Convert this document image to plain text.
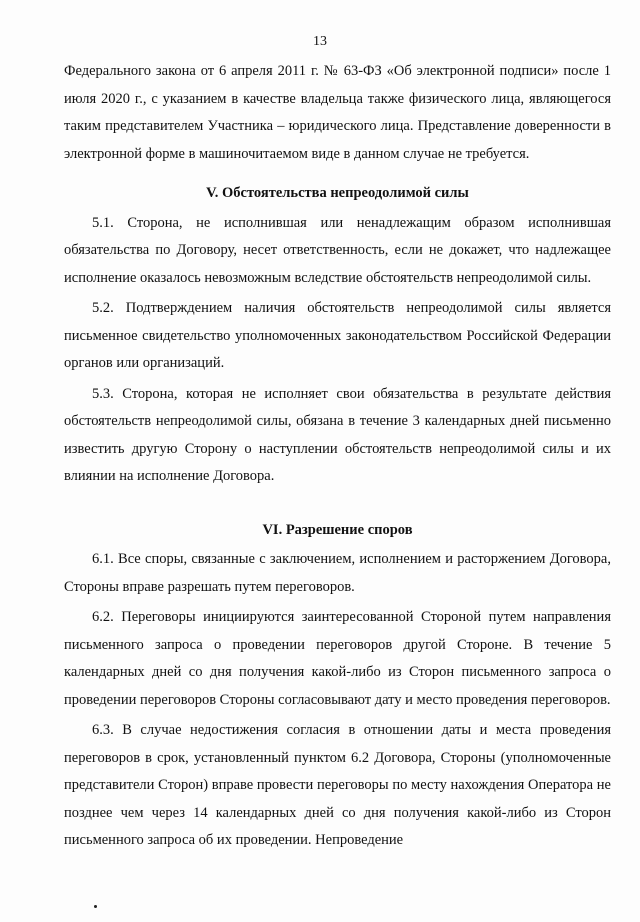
13

Федерального закона от 6 апреля 2011 г. № 63-ФЗ «Об электронной подписи» после 1 июля 2020 г., с указанием в качестве владельца также физического лица, являющегося таким представителем Участника – юридического лица. Представление доверенности в электронной форме в машиночитаемом виде в данном случае не требуется.

V. Обстоятельства непреодолимой силы

5.1. Сторона, не исполнившая или ненадлежащим образом исполнившая обязательства по Договору, несет ответственность, если не докажет, что надлежащее исполнение оказалось невозможным вследствие обстоятельств непреодолимой силы.

5.2. Подтверждением наличия обстоятельств непреодолимой силы является письменное свидетельство уполномоченных законодательством Российской Федерации органов или организаций.

5.3. Сторона, которая не исполняет свои обязательства в результате действия обстоятельств непреодолимой силы, обязана в течение 3 календарных дней письменно известить другую Сторону о наступлении обстоятельств непреодолимой силы и их влиянии на исполнение Договора.

VI. Разрешение споров

6.1. Все споры, связанные с заключением, исполнением и расторжением Договора, Стороны вправе разрешать путем переговоров.

6.2. Переговоры инициируются заинтересованной Стороной путем направления письменного запроса о проведении переговоров другой Стороне. В течение 5 календарных дней со дня получения какой-либо из Сторон письменного запроса о проведении переговоров Стороны согласовывают дату и место проведения переговоров.

6.3. В случае недостижения согласия в отношении даты и места проведения переговоров в срок, установленный пунктом 6.2 Договора, Стороны (уполномоченные представители Сторон) вправе провести переговоры по месту нахождения Оператора не позднее чем через 14 календарных дней со дня получения какой-либо из Сторон письменного запроса об их проведении. Непроведение
